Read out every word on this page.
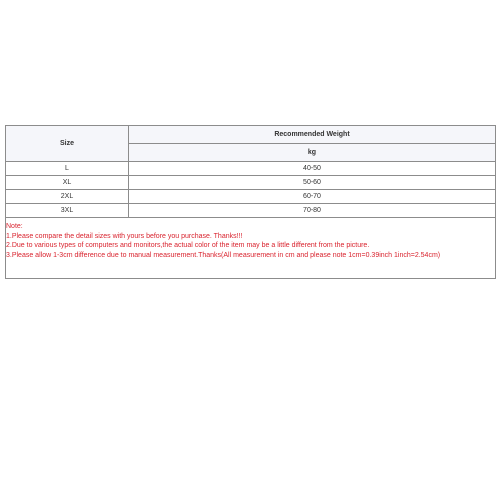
Size	Recommended Weight
	kg
L	40-50
XL	50-60
2XL	60-70
3XL	70-80

Note:
1.Please compare the detail sizes with yours before you purchase. Thanks!!!
2.Due to various types of computers and monitors,the actual color of the item may be a little different from the picture.
3.Please allow 1-3cm difference due to manual measurement.Thanks(All measurement in cm and please note 1cm=0.39inch 1inch=2.54cm)	
